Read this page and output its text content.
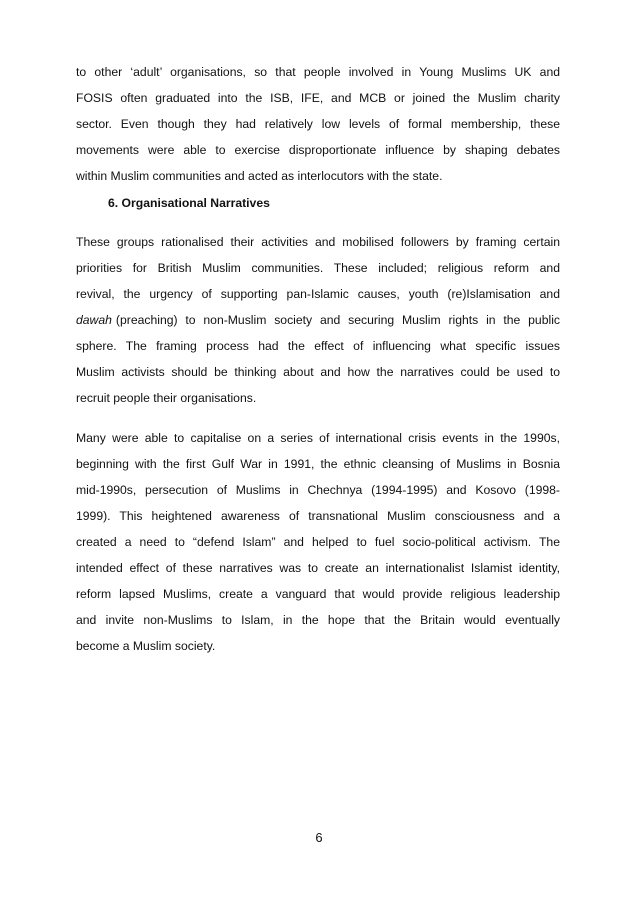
to other ‘adult’ organisations, so that people involved in Young Muslims UK and
FOSIS often graduated into the ISB, IFE, and MCB or joined the Muslim charity
sector. Even though they had relatively low levels of formal membership, these
movements were able to exercise disproportionate influence by shaping debates
within Muslim communities and acted as interlocutors with the state.
6. Organisational Narratives
These groups rationalised their activities and mobilised followers by framing certain
priorities for British Muslim communities. These included; religious reform and
revival, the urgency of supporting pan-Islamic causes, youth (re)Islamisation and
dawah (preaching) to non-Muslim society and securing Muslim rights in the public
sphere. The framing process had the effect of influencing what specific issues
Muslim activists should be thinking about and how the narratives could be used to
recruit people their organisations.
Many were able to capitalise on a series of international crisis events in the 1990s,
beginning with the first Gulf War in 1991, the ethnic cleansing of Muslims in Bosnia
mid-1990s, persecution of Muslims in Chechnya (1994-1995) and Kosovo (1998-
1999). This heightened awareness of transnational Muslim consciousness and a
created a need to “defend Islam” and helped to fuel socio-political activism. The
intended effect of these narratives was to create an internationalist Islamist identity,
reform lapsed Muslims, create a vanguard that would provide religious leadership
and invite non-Muslims to Islam, in the hope that the Britain would eventually
become a Muslim society.
6
